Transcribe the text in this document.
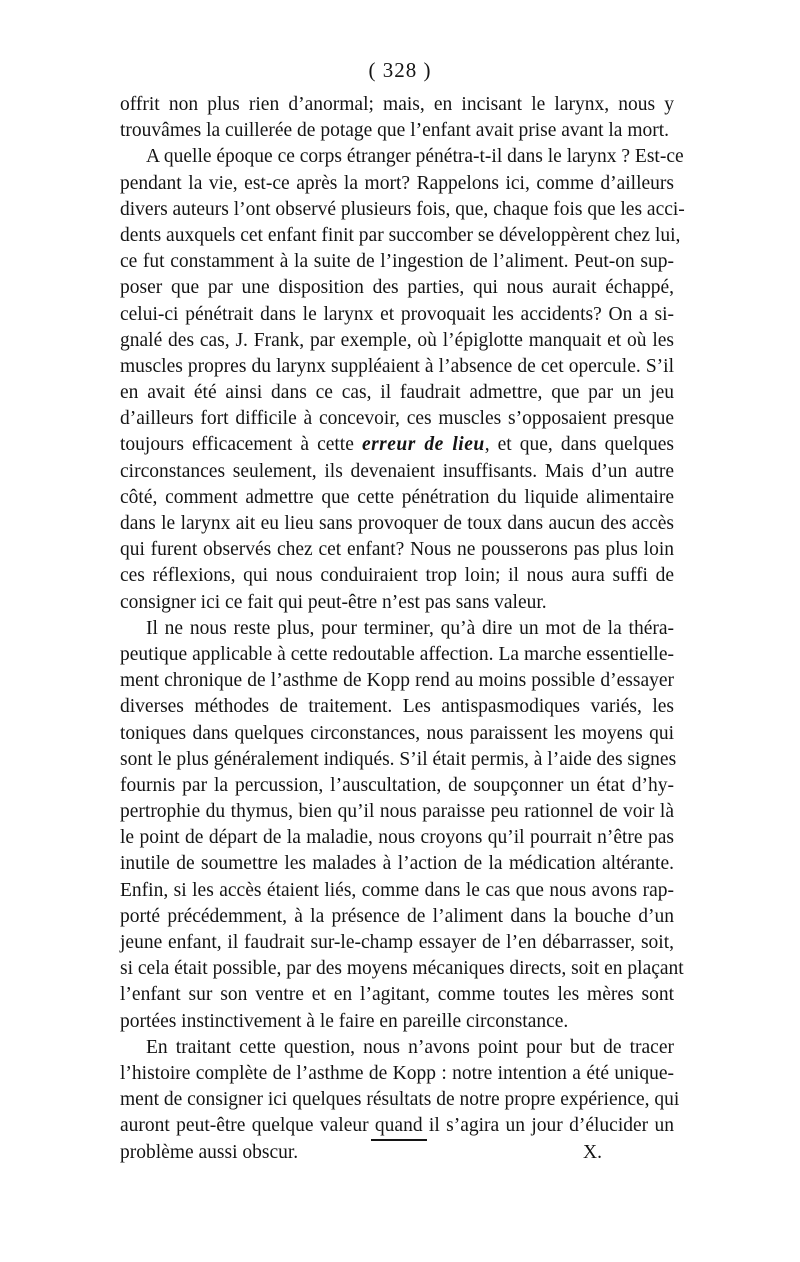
( 328 )
offrit non plus rien d’anormal; mais, en incisant le larynx, nous y
trouvâmes la cuillerée de potage que l’enfant avait prise avant la mort.
A quelle époque ce corps étranger pénétra-t-il dans le larynx ? Est-ce
pendant la vie, est-ce après la mort? Rappelons ici, comme d’ailleurs
divers auteurs l’ont observé plusieurs fois, que, chaque fois que les acci-
dents auxquels cet enfant finit par succomber se développèrent chez lui,
ce fut constamment à la suite de l’ingestion de l’aliment. Peut-on sup-
poser que par une disposition des parties, qui nous aurait échappé,
celui-ci pénétrait dans le larynx et provoquait les accidents? On a si-
gnalé des cas, J. Frank, par exemple, où l’épiglotte manquait et où les
muscles propres du larynx suppléaient à l’absence de cet opercule. S’il
en avait été ainsi dans ce cas, il faudrait admettre, que par un jeu
d’ailleurs fort difficile à concevoir, ces muscles s’opposaient presque
toujours efficacement à cette erreur de lieu, et que, dans quelques
circonstances seulement, ils devenaient insuffisants. Mais d’un autre
côté, comment admettre que cette pénétration du liquide alimentaire
dans le larynx ait eu lieu sans provoquer de toux dans aucun des accès
qui furent observés chez cet enfant? Nous ne pousserons pas plus loin
ces réflexions, qui nous conduiraient trop loin; il nous aura suffi de
consigner ici ce fait qui peut-être n’est pas sans valeur.
Il ne nous reste plus, pour terminer, qu’à dire un mot de la théra-
peutique applicable à cette redoutable affection. La marche essentielle-
ment chronique de l’asthme de Kopp rend au moins possible d’essayer
diverses méthodes de traitement. Les antispasmodiques variés, les
toniques dans quelques circonstances, nous paraissent les moyens qui
sont le plus généralement indiqués. S’il était permis, à l’aide des signes
fournis par la percussion, l’auscultation, de soupçonner un état d’hy-
pertrophie du thymus, bien qu’il nous paraisse peu rationnel de voir là
le point de départ de la maladie, nous croyons qu’il pourrait n’être pas
inutile de soumettre les malades à l’action de la médication altérante.
Enfin, si les accès étaient liés, comme dans le cas que nous avons rap-
porté précédemment, à la présence de l’aliment dans la bouche d’un
jeune enfant, il faudrait sur-le-champ essayer de l’en débarrasser, soit,
si cela était possible, par des moyens mécaniques directs, soit en plaçant
l’enfant sur son ventre et en l’agitant, comme toutes les mères sont
portées instinctivement à le faire en pareille circonstance.
En traitant cette question, nous n’avons point pour but de tracer
l’histoire complète de l’asthme de Kopp : notre intention a été unique-
ment de consigner ici quelques résultats de notre propre expérience, qui
auront peut-être quelque valeur quand il s’agira un jour d’élucider un
problème aussi obscur.	X.
